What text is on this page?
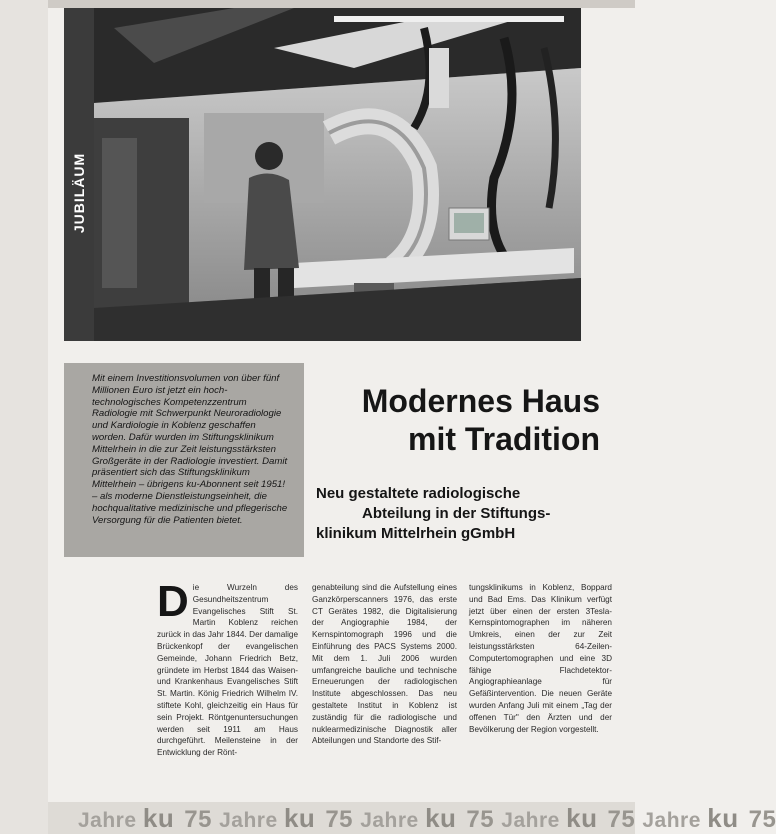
JUBILÄUM

Mit einem Investitionsvolumen von über fünf Millionen Euro ist jetzt ein hoch-technologisches Kompetenzzentrum Radiologie mit Schwerpunkt Neuroradiologie und Kardiologie in Koblenz geschaffen worden. Dafür wurden im Stiftungsklinikum Mittelrhein in die zur Zeit leistungsstärksten Großgeräte in der Radiologie investiert. Damit präsentiert sich das Stiftungsklinikum Mittelrhein – übrigens ku-Abonnent seit 1951! – als moderne Dienstleistungseinheit, die hochqualitative medizinische und pflegerische Versorgung für die Patienten bietet.

Modernes Haus
mit Tradition
Neu gestaltete radiologische
Abteilung in der Stiftungs-
klinikum Mittelrhein gGmbH
Die Wurzeln des Gesundheitszentrum Evangelisches Stift St. Martin Koblenz reichen zurück in das Jahr 1844. Der damalige Brückenkopf der evangelischen Gemeinde, Johann Friedrich Betz, gründete im Herbst 1844 das Waisen- und Krankenhaus Evangelisches Stift St. Martin. König Friedrich Wilhelm IV. stiftete Kohl, gleichzeitig ein Haus für sein Projekt. Röntgenuntersuchungen werden seit 1911 am Haus durchgeführt. Meilensteine in der Entwicklung der Rönt-
genabteilung sind die Aufstellung eines Ganzkörperscanners 1976, das erste CT Gerätes 1982, die Digitalisierung der Angiographie 1984, der Kernspintomograph 1996 und die Einführung des PACS Systems 2000. Mit dem 1. Juli 2006 wurden umfangreiche bauliche und technische Erneuerungen der radiologischen Institute abgeschlossen. Das neu gestaltete Institut in Koblenz ist zuständig für die radiologische und nuklearmedizinische Diagnostik aller Abteilungen und Standorte des Stif-
tungsklinikums in Koblenz, Boppard und Bad Ems. Das Klinikum verfügt jetzt über einen der ersten 3Tesla-Kernspintomographen im näheren Umkreis, einen der zur Zeit leistungsstärksten 64-Zeilen-Computertomographen und eine 3D fähige Flachdetektor-Angiographieanlage für Gefäßintervention. Die neuen Geräte wurden Anfang Juli mit einem „Tag der offenen Tür" den Ärzten und der Bevölkerung der Region vorgestellt.
Jahre ku 75 Jahre ku 75 Jahre ku 75 Jahre ku 75 Jahre ku 75
